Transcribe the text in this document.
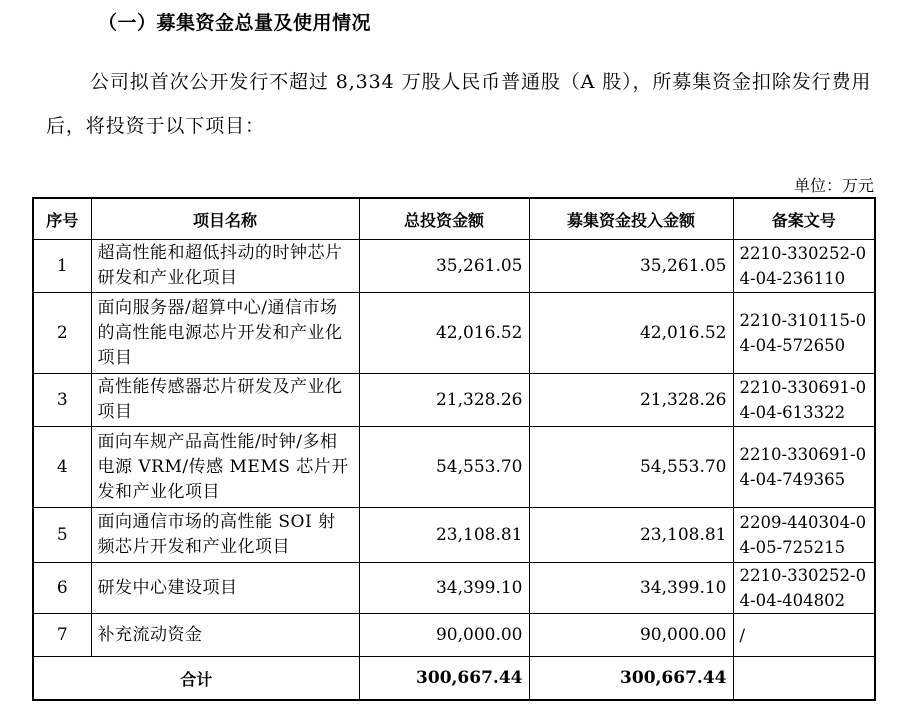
（一）募集资金总量及使用情况
公司拟首次公开发行不超过 8,334 万股人民币普通股（A 股），所募集资金扣除发行费用后，将投资于以下项目：
单位：万元
序号	项目名称	总投资金额	募集资金投入金额	备案文号
1	超高性能和超低抖动的时钟芯片研发和产业化项目	35,261.05	35,261.05	2210-330252-04-04-236110
2	面向服务器/超算中心/通信市场的高性能电源芯片开发和产业化项目	42,016.52	42,016.52	2210-310115-04-04-572650
3	高性能传感器芯片研发及产业化项目	21,328.26	21,328.26	2210-330691-04-04-613322
4	面向车规产品高性能/时钟/多相电源 VRM/传感 MEMS 芯片开发和产业化项目	54,553.70	54,553.70	2210-330691-04-04-749365
5	面向通信市场的高性能 SOI 射频芯片开发和产业化项目	23,108.81	23,108.81	2209-440304-04-05-725215
6	研发中心建设项目	34,399.10	34,399.10	2210-330252-04-04-404802
7	补充流动资金	90,000.00	90,000.00	/
合计		300,667.44	300,667.44	
